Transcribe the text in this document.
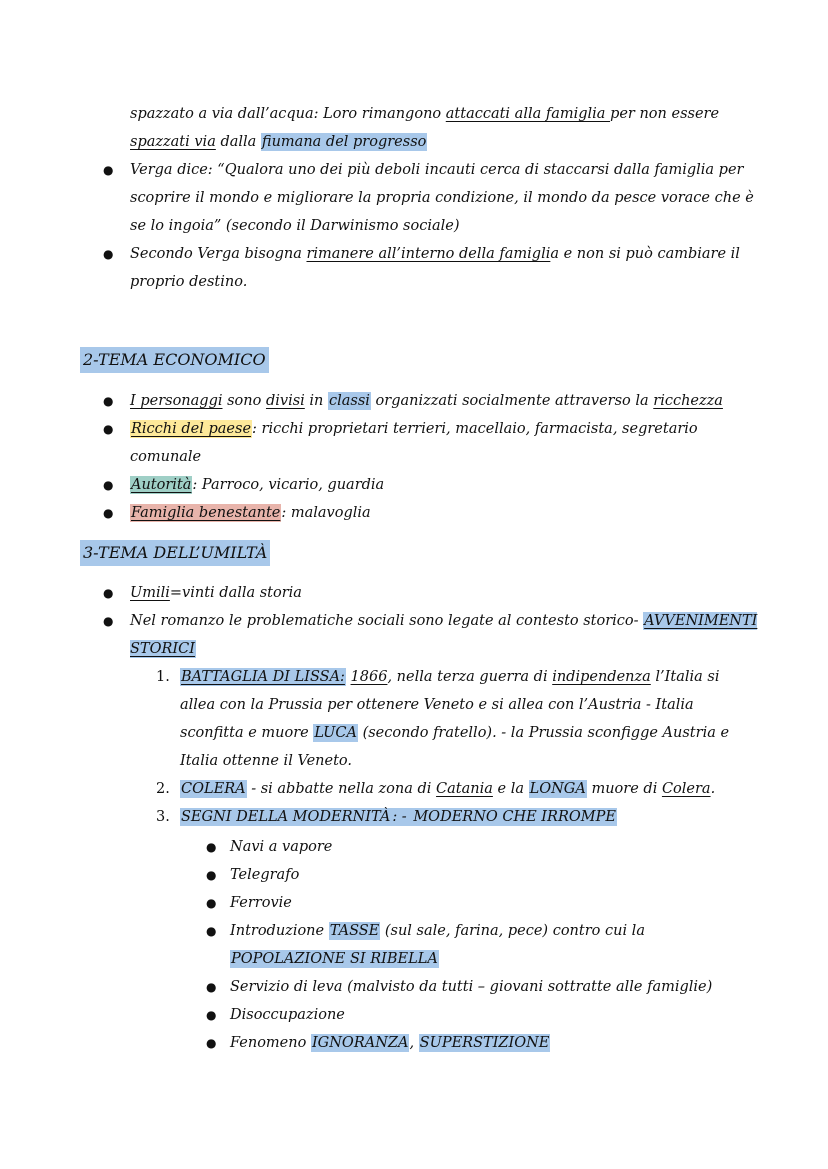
spazzato a via dall’acqua: Loro rimangono attaccati alla famiglia per non essere spazzati via dalla fiumana del progresso

● Verga dice: “Qualora uno dei più deboli incauti cerca di staccarsi dalla famiglia per scoprire il mondo e migliorare la propria condizione, il mondo da pesce vorace che è se lo ingoia” (secondo il Darwinismo sociale)
● Secondo Verga bisogna rimanere all’interno della famiglia e non si può cambiare il proprio destino.
2-TEMA ECONOMICO
● I personaggi sono divisi in classi organizzati socialmente attraverso la ricchezza
● Ricchi del paese: ricchi proprietari terrieri, macellaio, farmacista, segretario comunale
● Autorità: Parroco, vicario, guardia
● Famiglia benestante: malavoglia
3-TEMA DELL’UMILTÀ
● Umili=vinti dalla storia
● Nel romanzo le problematiche sociali sono legate al contesto storico- AVVENIMENTI STORICI
1. BATTAGLIA DI LISSA: 1866, nella terza guerra di indipendenza l’Italia si allea con la Prussia per ottenere Veneto e si allea con l’Austria - Italia sconfitta e muore LUCA (secondo fratello). - la Prussia sconfigge Austria e Italia ottenne il Veneto.
2. COLERA - si abbatte nella zona di Catania e la LONGA muore di Colera.
3. SEGNI DELLA MODERNITÀ : - MODERNO CHE IRROMPE
● Navi a vapore
● Telegrafo
● Ferrovie
● Introduzione TASSE (sul sale, farina, pece) contro cui la POPOLAZIONE SI RIBELLA
● Servizio di leva (malvisto da tutti – giovani sottratte alle famiglie)
● Disoccupazione
● Fenomeno IGNORANZA, SUPERSTIZIONE
